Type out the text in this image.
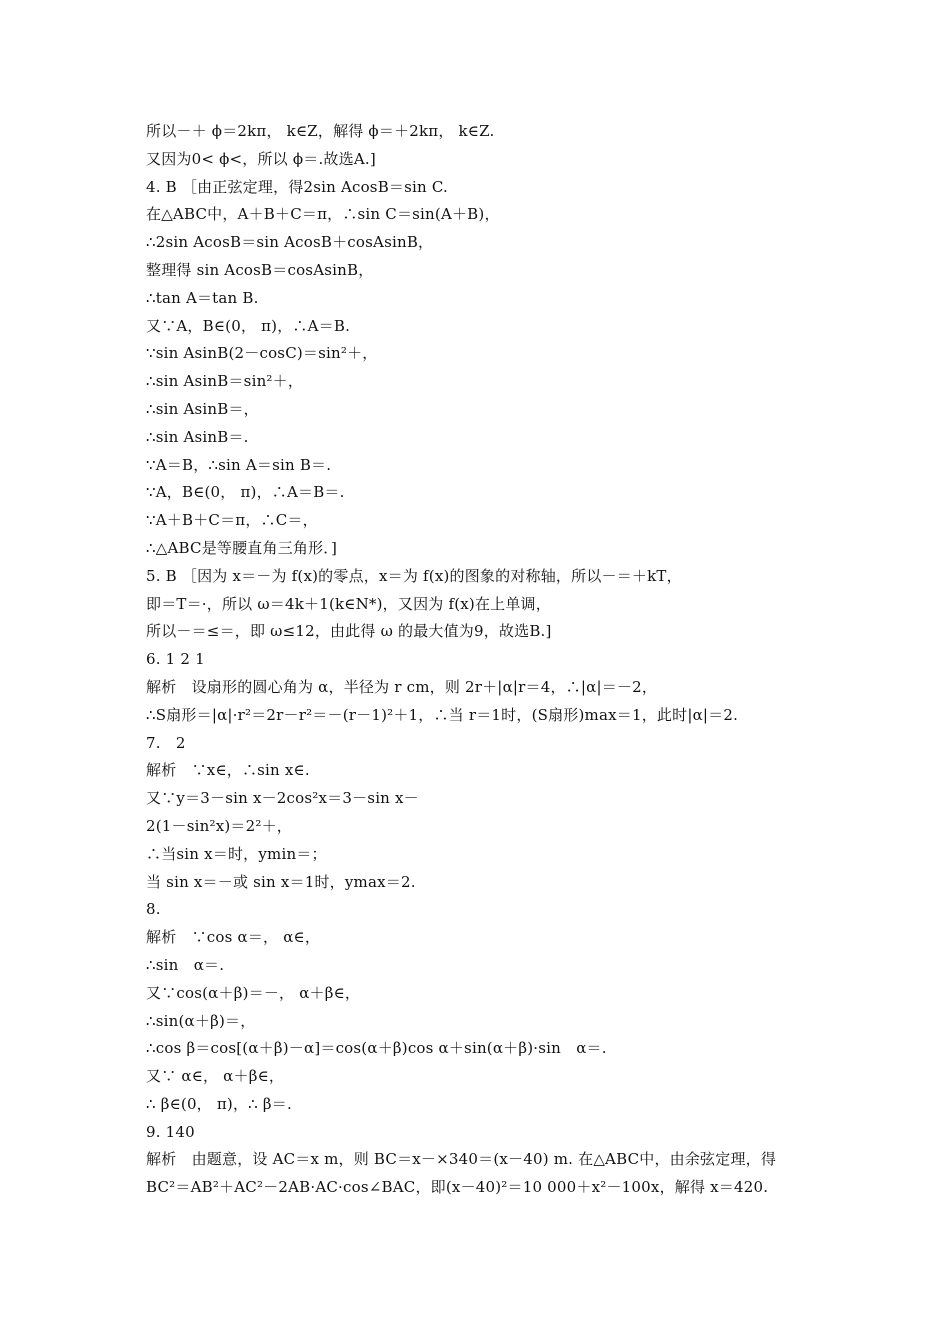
所以－＋ ϕ＝2kπ， k∈Z，解得 ϕ＝＋2kπ， k∈Z.
又因为0< ϕ<，所以 ϕ＝.故选A.]
4. B ［由正弦定理，得2sin AcosB＝sin C.
在△ABC中，A＋B＋C＝π，∴sin C＝sin(A＋B)，
∴2sin AcosB＝sin AcosB＋cosAsinB，
整理得 sin AcosB＝cosAsinB，
∴tan A＝tan B.
又∵A，B∈(0， π)，∴A＝B.
∵sin AsinB(2－cosC)＝sin²＋，
∴sin AsinB＝sin²＋，
∴sin AsinB＝，
∴sin AsinB＝.
∵A＝B，∴sin A＝sin B＝.
∵A，B∈(0， π)，∴A＝B＝.
∵A＋B＋C＝π，∴C＝，
∴△ABC是等腰直角三角形．]
5. B ［因为 x＝－为 f(x)的零点，x＝为 f(x)的图象的对称轴，所以－＝＋kT，
即＝T＝·，所以 ω＝4k＋1(k∈N*)，又因为 f(x)在上单调，
所以－＝≤＝，即 ω≤12，由此得 ω 的最大值为9，故选B.]
6. 1 2 1
解析　设扇形的圆心角为 α，半径为 r cm，则 2r＋|α|r＝4，∴|α|＝－2，
∴S扇形＝|α|·r²＝2r－r²＝－(r－1)²＋1，∴当 r＝1时，(S扇形)max＝1，此时|α|＝2.
7.　2
解析　∵x∈，∴sin x∈.
又∵y＝3－sin x－2cos²x＝3－sin x－
2(1－sin²x)＝2²＋，
∴当sin x＝时，ymin＝；
当 sin x＝－或 sin x＝1时，ymax＝2.
8.
解析　∵cos α＝， α∈，
∴sin　α＝.
又∵cos(α＋β)＝－， α＋β∈，
∴sin(α＋β)＝，
∴cos β＝cos[(α＋β)－α]＝cos(α＋β)cos α＋sin(α＋β)·sin　α＝.
又∵ α∈， α＋β∈，
∴ β∈(0， π)，∴ β＝.
9. 140
解析　由题意，设 AC＝x m，则 BC＝x－×340＝(x－40) m. 在△ABC中，由余弦定理，得
BC²＝AB²＋AC²－2AB·AC·cos∠BAC，即(x－40)²＝10 000＋x²－100x，解得 x＝420.
